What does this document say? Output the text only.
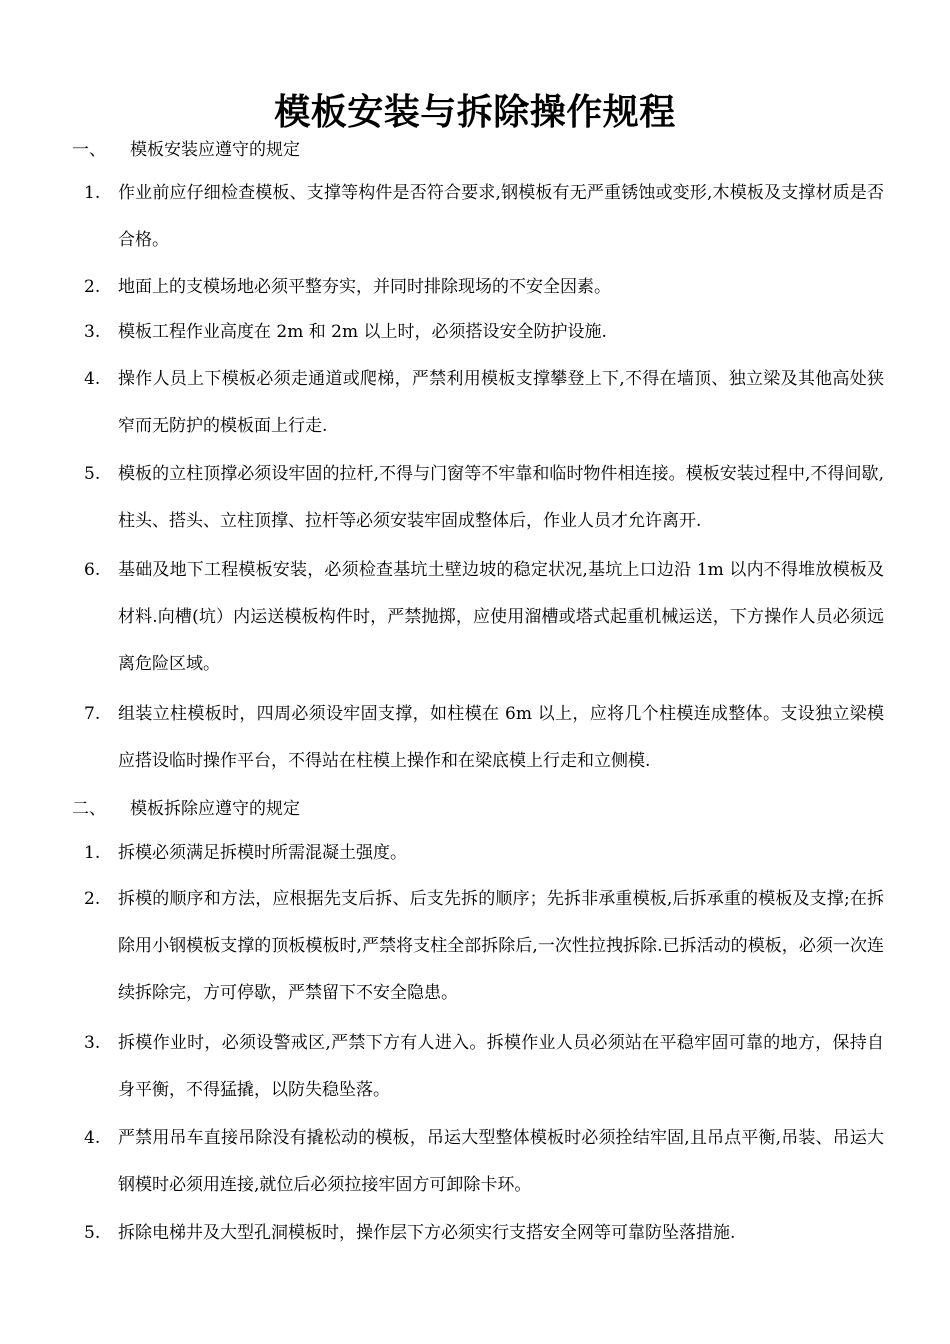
模板安装与拆除操作规程
一、 模板安装应遵守的规定
1.	作业前应仔细检查模板、支撑等构件是否符合要求,钢模板有无严重锈蚀或变形,木模板及支撑材质是否合格。
2.	地面上的支模场地必须平整夯实，并同时排除现场的不安全因素。
3.	模板工程作业高度在 2m 和 2m 以上时，必须搭设安全防护设施.
4.	操作人员上下模板必须走通道或爬梯，严禁利用模板支撑攀登上下,不得在墙顶、独立梁及其他高处狭窄而无防护的模板面上行走.
5.	模板的立柱顶撑必须设牢固的拉杆,不得与门窗等不牢靠和临时物件相连接。模板安装过程中,不得间歇,柱头、搭头、立柱顶撑、拉杆等必须安装牢固成整体后，作业人员才允许离开.
6.	基础及地下工程模板安装，必须检查基坑土壁边坡的稳定状况,基坑上口边沿 1m 以内不得堆放模板及材料.向槽(坑）内运送模板构件时，严禁抛掷，应使用溜槽或塔式起重机械运送，下方操作人员必须远离危险区域。
7.	组装立柱模板时，四周必须设牢固支撑，如柱模在 6m 以上，应将几个柱模连成整体。支设独立梁模应搭设临时操作平台，不得站在柱模上操作和在梁底模上行走和立侧模.
二、 模板拆除应遵守的规定
1.	拆模必须满足拆模时所需混凝土强度。
2.	拆模的顺序和方法，应根据先支后拆、后支先拆的顺序；先拆非承重模板,后拆承重的模板及支撑;在拆除用小钢模板支撑的顶板模板时,严禁将支柱全部拆除后,一次性拉拽拆除.已拆活动的模板，必须一次连续拆除完，方可停歇，严禁留下不安全隐患。
3.	拆模作业时，必须设警戒区,严禁下方有人进入。拆模作业人员必须站在平稳牢固可靠的地方，保持自身平衡，不得猛撬，以防失稳坠落。
4.	严禁用吊车直接吊除没有撬松动的模板，吊运大型整体模板时必须拴结牢固,且吊点平衡,吊装、吊运大钢模时必须用连接,就位后必须拉接牢固方可卸除卡环。
5.	拆除电梯井及大型孔洞模板时，操作层下方必须实行支搭安全网等可靠防坠落措施.
